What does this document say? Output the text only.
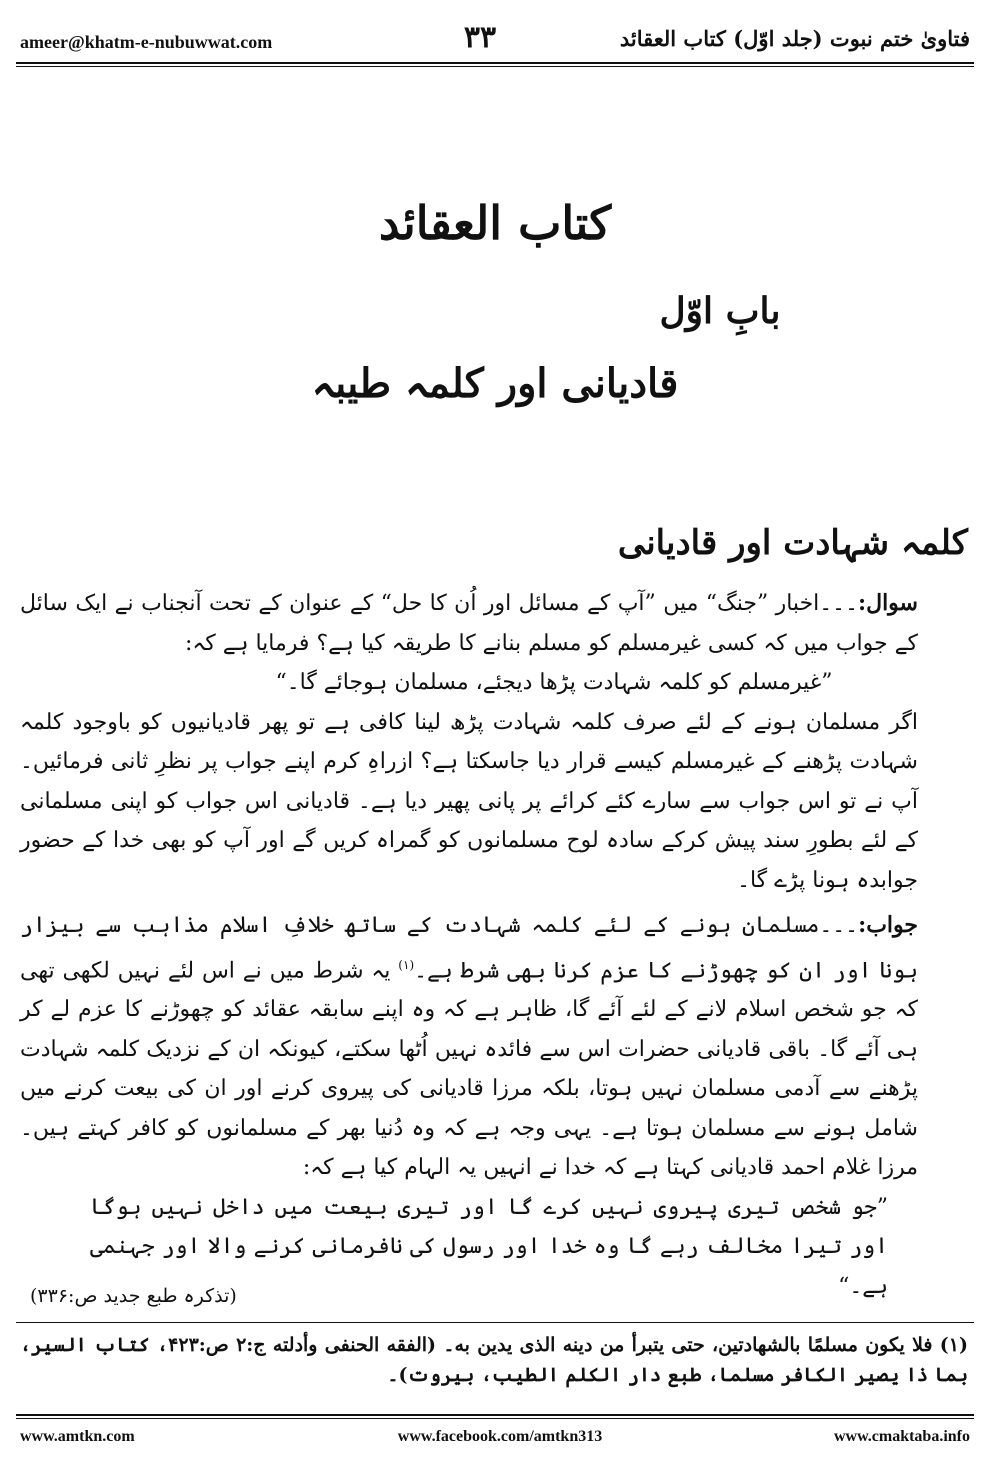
ameer@khatm-e-nubuwwat.com	۳۳	فتاویٰ ختم نبوت (جلد اوّل) کتاب العقائد
کتاب العقائد
بابِ اوّل
قادیانی اور کلمہ طیبہ
کلمہ شہادت اور قادیانی

سوال:۔۔۔اخبار ”جنگ“ میں ”آپ کے مسائل اور اُن کا حل“ کے عنوان کے تحت آنجناب نے ایک سائل کے جواب میں کہ کسی غیرمسلم کو مسلم بنانے کا طریقہ کیا ہے؟ فرمایا ہے کہ:

”غیرمسلم کو کلمہ شہادت پڑھا دیجئے، مسلمان ہوجائے گا۔“

اگر مسلمان ہونے کے لئے صرف کلمہ شہادت پڑھ لینا کافی ہے تو پھر قادیانیوں کو باوجود کلمہ شہادت پڑھنے کے غیرمسلم کیسے قرار دیا جاسکتا ہے؟ ازراہِ کرم اپنے جواب پر نظرِ ثانی فرمائیں۔ آپ نے تو اس جواب سے سارے کئے کرائے پر پانی پھیر دیا ہے۔ قادیانی اس جواب کو اپنی مسلمانی کے لئے بطورِ سند پیش کرکے سادہ لوح مسلمانوں کو گمراہ کریں گے اور آپ کو بھی خدا کے حضور جوابدہ ہونا پڑے گا۔

جواب:۔۔۔مسلمان ہونے کے لئے کلمہ شہادت کے ساتھ خلافِ اسلام مذاہب سے بیزار ہونا اور ان کو چھوڑنے کا عزم کرنا بھی شرط ہے۔$^{(۱)}$ یہ شرط میں نے اس لئے نہیں لکھی تھی کہ جو شخص اسلام لانے کے لئے آئے گا، ظاہر ہے کہ وہ اپنے سابقہ عقائد کو چھوڑنے کا عزم لے کر ہی آئے گا۔ باقی قادیانی حضرات اس سے فائدہ نہیں اُٹھا سکتے، کیونکہ ان کے نزدیک کلمہ شہادت پڑھنے سے آدمی مسلمان نہیں ہوتا، بلکہ مرزا قادیانی کی پیروی کرنے اور ان کی بیعت کرنے میں شامل ہونے سے مسلمان ہوتا ہے۔ یہی وجہ ہے کہ وہ دُنیا بھر کے مسلمانوں کو کافر کہتے ہیں۔ مرزا غلام احمد قادیانی کہتا ہے کہ خدا نے انہیں یہ الہام کیا ہے کہ:

”جو شخص تیری پیروی نہیں کرے گا اور تیری بیعت میں داخل نہیں ہوگا اور تیرا مخالف رہے گا وہ خدا اور رسول کی نافرمانی کرنے والا اور جہنمی ہے۔“

(تذکرہ طبع جدید ص:۳۳۶)
(۱) فلا یکون مسلمًا بالشھادتین، حتی یتبرأ من دینه الذی یدین به۔ (الفقه الحنفی وأدلته ج:۲ ص:۴۲۳، کتاب السیر، بما ذا یصیر الکافر مسلما، طبع دار الکلم الطیب، بیروت)۔
www.amtkn.com	www.facebook.com/amtkn313	www.cmaktaba.info
